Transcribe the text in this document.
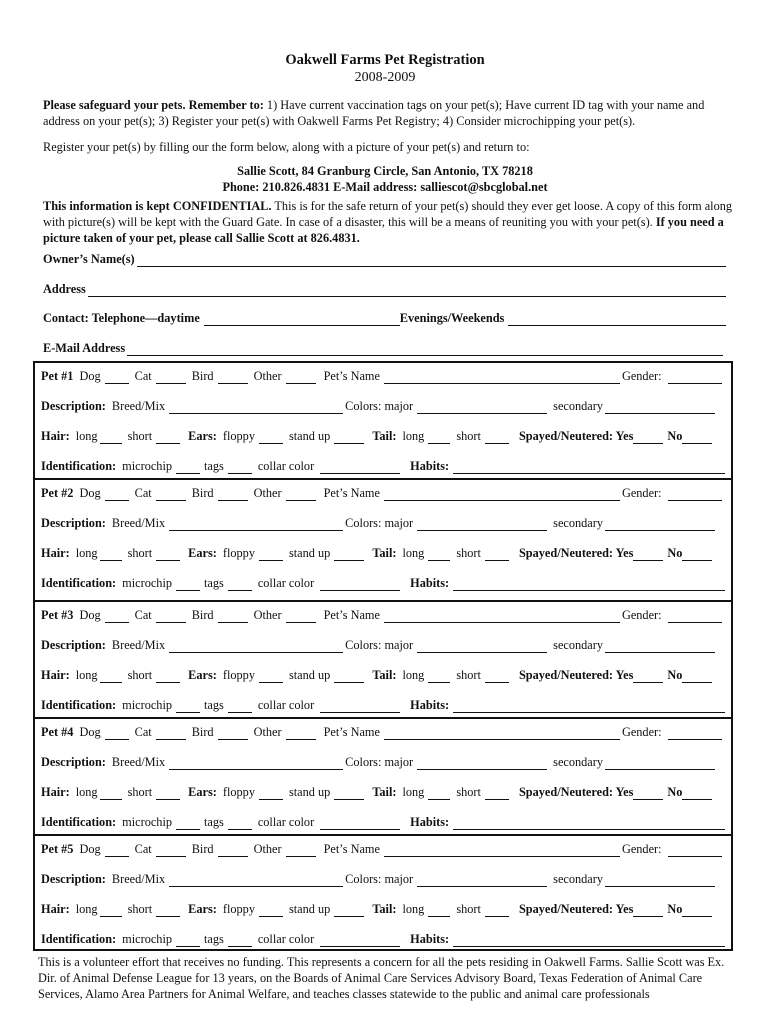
Oakwell Farms Pet Registration
2008-2009
Please safeguard your pets. Remember to: 1) Have current vaccination tags on your pet(s); Have current ID tag with your name and address on your pet(s); 3) Register your pet(s) with Oakwell Farms Pet Registry; 4) Consider microchipping your pet(s).
Register your pet(s) by filling our the form below, along with a picture of your pet(s) and return to:
Sallie Scott, 84 Granburg Circle, San Antonio, TX 78218
Phone: 210.826.4831 E-Mail address: salliescot@sbcglobal.net
This information is kept CONFIDENTIAL. This is for the safe return of your pet(s) should they ever get loose. A copy of this form along with picture(s) will be kept with the Guard Gate. In case of a disaster, this will be a means of reuniting you with your pet(s). If you need a picture taken of your pet, please call Sallie Scott at 826.4831.
Owner’s Name(s)
Address
Contact: Telephone—daytime	Evenings/Weekends
E-Mail Address
Pet #1 Dog	Cat	Bird	Other	Pet’s Name	Gender:
Description: Breed/Mix	Colors: major	secondary
Hair: long short	Ears: floppy	stand up	Tail: long	short	Spayed/Neutered: Yes	No
Identification: microchip	tags	collar color	Habits:
Pet #2 Dog	Cat	Bird	Other	Pet’s Name	Gender:
Description: Breed/Mix	Colors: major	secondary
Hair: long short	Ears: floppy	stand up	Tail: long	short	Spayed/Neutered: Yes	No
Identification: microchip	tags	collar color	Habits:
Pet #3 Dog	Cat	Bird	Other	Pet’s Name	Gender:
Description: Breed/Mix	Colors: major	secondary
Hair: long short	Ears: floppy	stand up	Tail: long	short	Spayed/Neutered: Yes	No
Identification: microchip	tags	collar color	Habits:
Pet #4 Dog	Cat	Bird	Other	Pet’s Name	Gender:
Description: Breed/Mix	Colors: major	secondary
Hair: long short	Ears: floppy	stand up	Tail: long	short	Spayed/Neutered: Yes	No
Identification: microchip	tags	collar color	Habits:
Pet #5 Dog	Cat	Bird	Other	Pet’s Name	Gender:
Description: Breed/Mix	Colors: major	secondary
Hair: long short	Ears: floppy	stand up	Tail: long	short	Spayed/Neutered: Yes	No
Identification: microchip	tags	collar color	Habits:
This is a volunteer effort that receives no funding. This represents a concern for all the pets residing in Oakwell Farms. Sallie Scott was Ex. Dir. of Animal Defense League for 13 years, on the Boards of Animal Care Services Advisory Board, Texas Federation of Animal Care Services, Alamo Area Partners for Animal Welfare, and teaches classes statewide to the public and animal care professionals
